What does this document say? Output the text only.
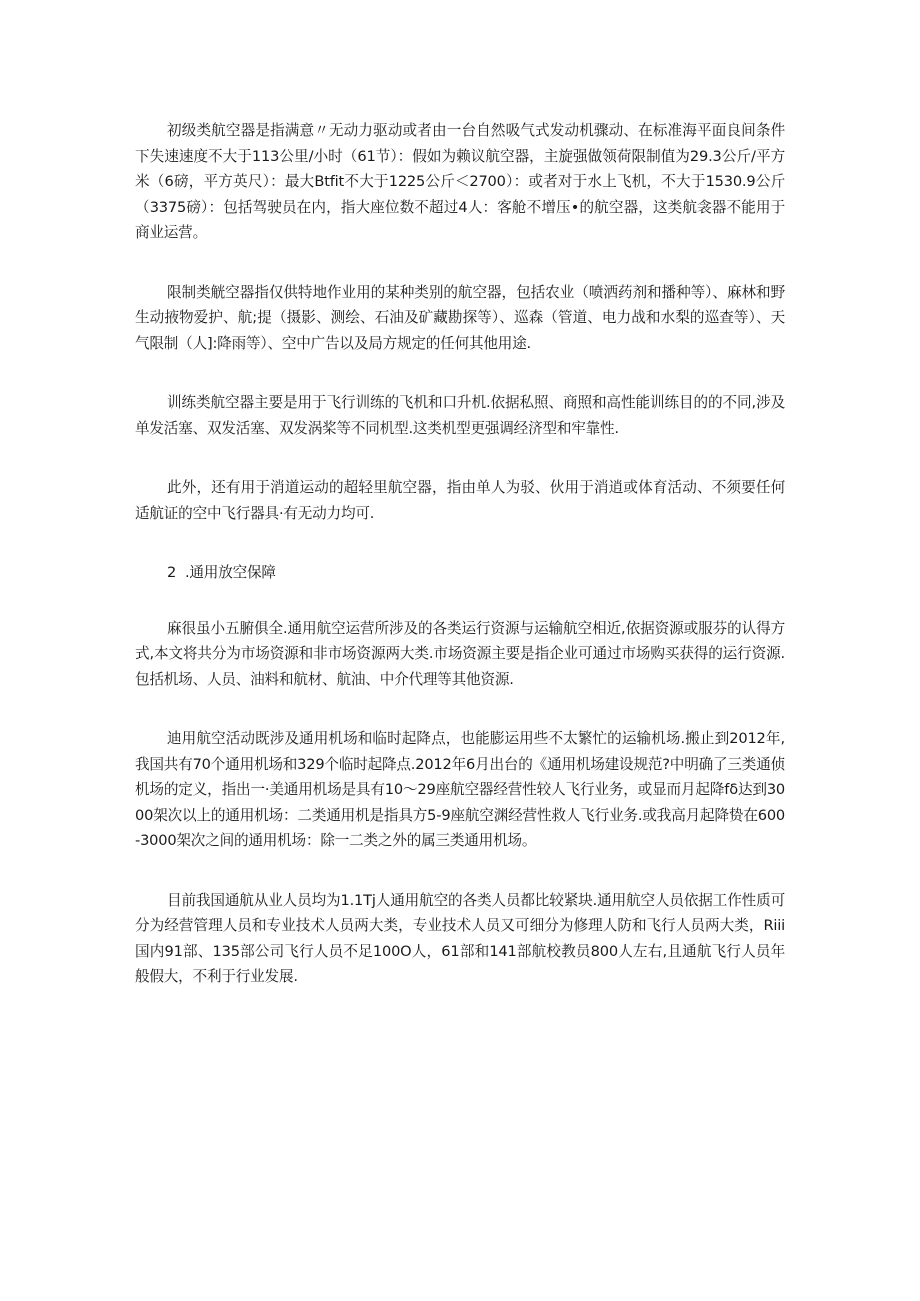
初级类航空器是指满意〃无动力驱动或者由一台自然吸气式发动机骤动、在标准海平面良间条件下失速速度不大于113公里/小时（61节）：假如为赖议航空器，主旋强做领荷限制值为29.3公斤/平方米（6磅，平方英尺）：最大Btfit不大于1225公斤＜2700）：或者对于水上飞机，不大于1530.9公斤（3375磅）：包括驾驶员在内，指大座位数不超过4人：客舱不增压•的航空器，这类航衾器不能用于商业运营。

限制类觥空器指仅供特地作业用的某种类别的航空器，包括农业（喷洒药剂和播种等）、麻林和野生动掖物爱护、航;提（摄影、测绘、石油及矿藏勘探等）、巡森（管道、电力战和水梨的巡查等）、天气限制（人]:降雨等）、空中广告以及局方规定的任何其他用途.

训练类航空器主要是用于飞行训练的飞机和口升机.依据私照、商照和高性能训练目的的不同,涉及单发活塞、双发活塞、双发涡桨等不同机型.这类机型更强调经济型和牢靠性.

此外，还有用于消道运动的超轻里航空器，指由单人为驳、伙用于消逍或体育活动、不须要任何适航证的空中飞行器具·有无动力均可.

2  .通用放空保障

麻很虽小五腑俱全.通用航空运营所涉及的各类运行资源与运输航空相近,依据资源或服芬的认得方式,本文将共分为市场资源和非市场资源两大类.市场资源主要是指企业可通过市场购买获得的运行资源.包括机场、人员、油料和航材、航油、中介代理等其他资源.

迪用航空活动既涉及通用机场和临时起降点，也能膨运用些不太繁忙的运输机场.搬止到2012年,我国共有70个通用机场和329个临时起降点.2012年6月出台的《通用机场建设规范?中明确了三类通侦机场的定义，指出一·美通用机场是具有10〜29座航空器经营性较人飞行业务，或显而月起降fδ达到3000架次以上的通用机场：二类通用机是指具方5-9座航空渊经营性救人飞行业务.或我高月起降贽在600-3000架次之间的通用机场：除一二类之外的属三类通用机场。

目前我国通航从业人员均为1.1Tj人通用航空的各类人员都比较紧块.通用航空人员依据工作性质可分为经营管理人员和专业技术人员两大类，专业技术人员又可细分为修理人防和飞行人员两大类，Riii国内91部、135部公司飞行人员不足100O人，61部和141部航校教员800人左右,且通航飞行人员年般假大，不利于行业发展.
